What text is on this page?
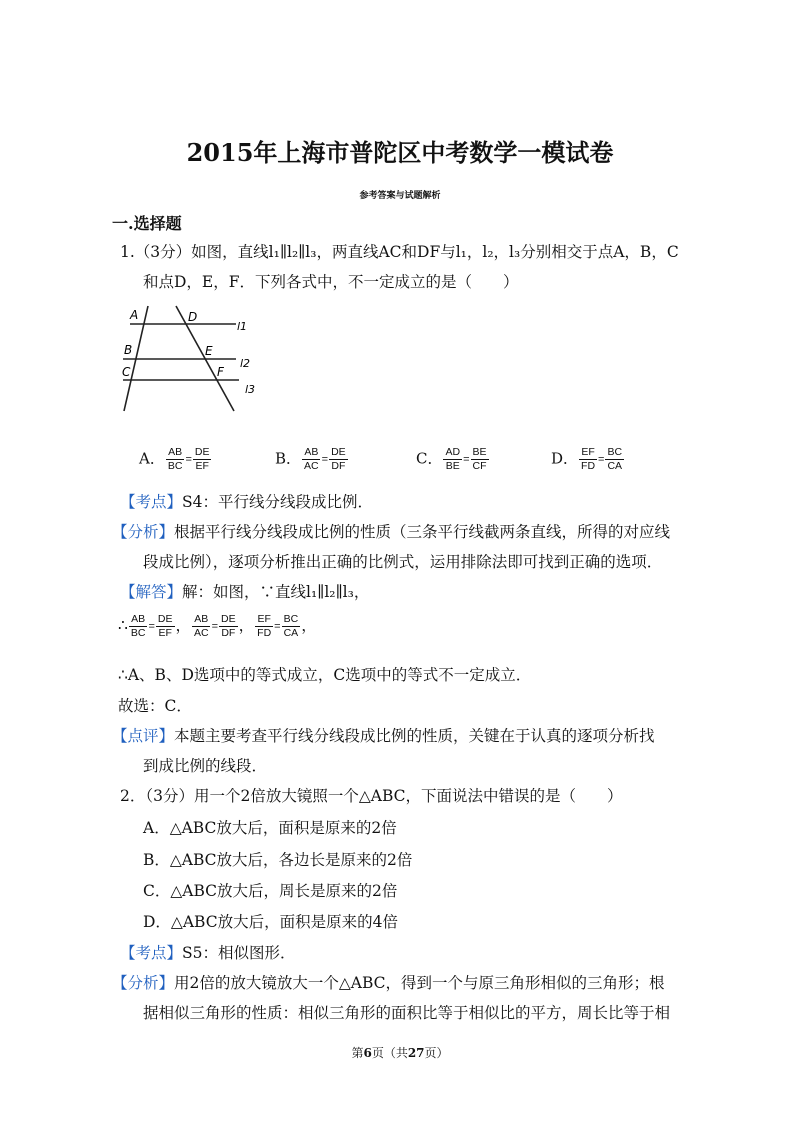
2015年上海市普陀区中考数学一模试卷
参考答案与试题解析
一.选择题
1.（3分）如图，直线l₁∥l₂∥l₃，两直线AC和DF与l₁，l₂，l₃分别相交于点A，B，C
和点D，E，F．下列各式中，不一定成立的是（　　）
A	D
l1
B	E
l2
C	F
l3
A． $\frac{AB}{BC} = \frac{DE}{EF}$	B． $\frac{AB}{AC} = \frac{DE}{DF}$	C． $\frac{AD}{BE} = \frac{BE}{CF}$	D． $\frac{EF}{FD} = \frac{BC}{CA}$
【考点】S4：平行线分线段成比例．
【分析】根据平行线分线段成比例的性质（三条平行线截两条直线，所得的对应线
段成比例），逐项分析推出正确的比例式，运用排除法即可找到正确的选项．
【解答】解：如图，∵直线l₁∥l₂∥l₃，
∴ $\frac{AB}{BC} = \frac{DE}{EF}$ ， $\frac{AB}{AC} = \frac{DE}{DF}$ ， $\frac{EF}{FD} = \frac{BC}{CA}$ ，
∴A、B、D选项中的等式成立，C选项中的等式不一定成立．
故选：C．
【点评】本题主要考查平行线分线段成比例的性质，关键在于认真的逐项分析找
到成比例的线段．
2．（3分）用一个2倍放大镜照一个△ABC，下面说法中错误的是（　　）
A．△ABC放大后，面积是原来的2倍
B．△ABC放大后，各边长是原来的2倍
C．△ABC放大后，周长是原来的2倍
D．△ABC放大后，面积是原来的4倍
【考点】S5：相似图形．
【分析】用2倍的放大镜放大一个△ABC，得到一个与原三角形相似的三角形；根
据相似三角形的性质：相似三角形的面积比等于相似比的平方，周长比等于相
第6页（共27页）
